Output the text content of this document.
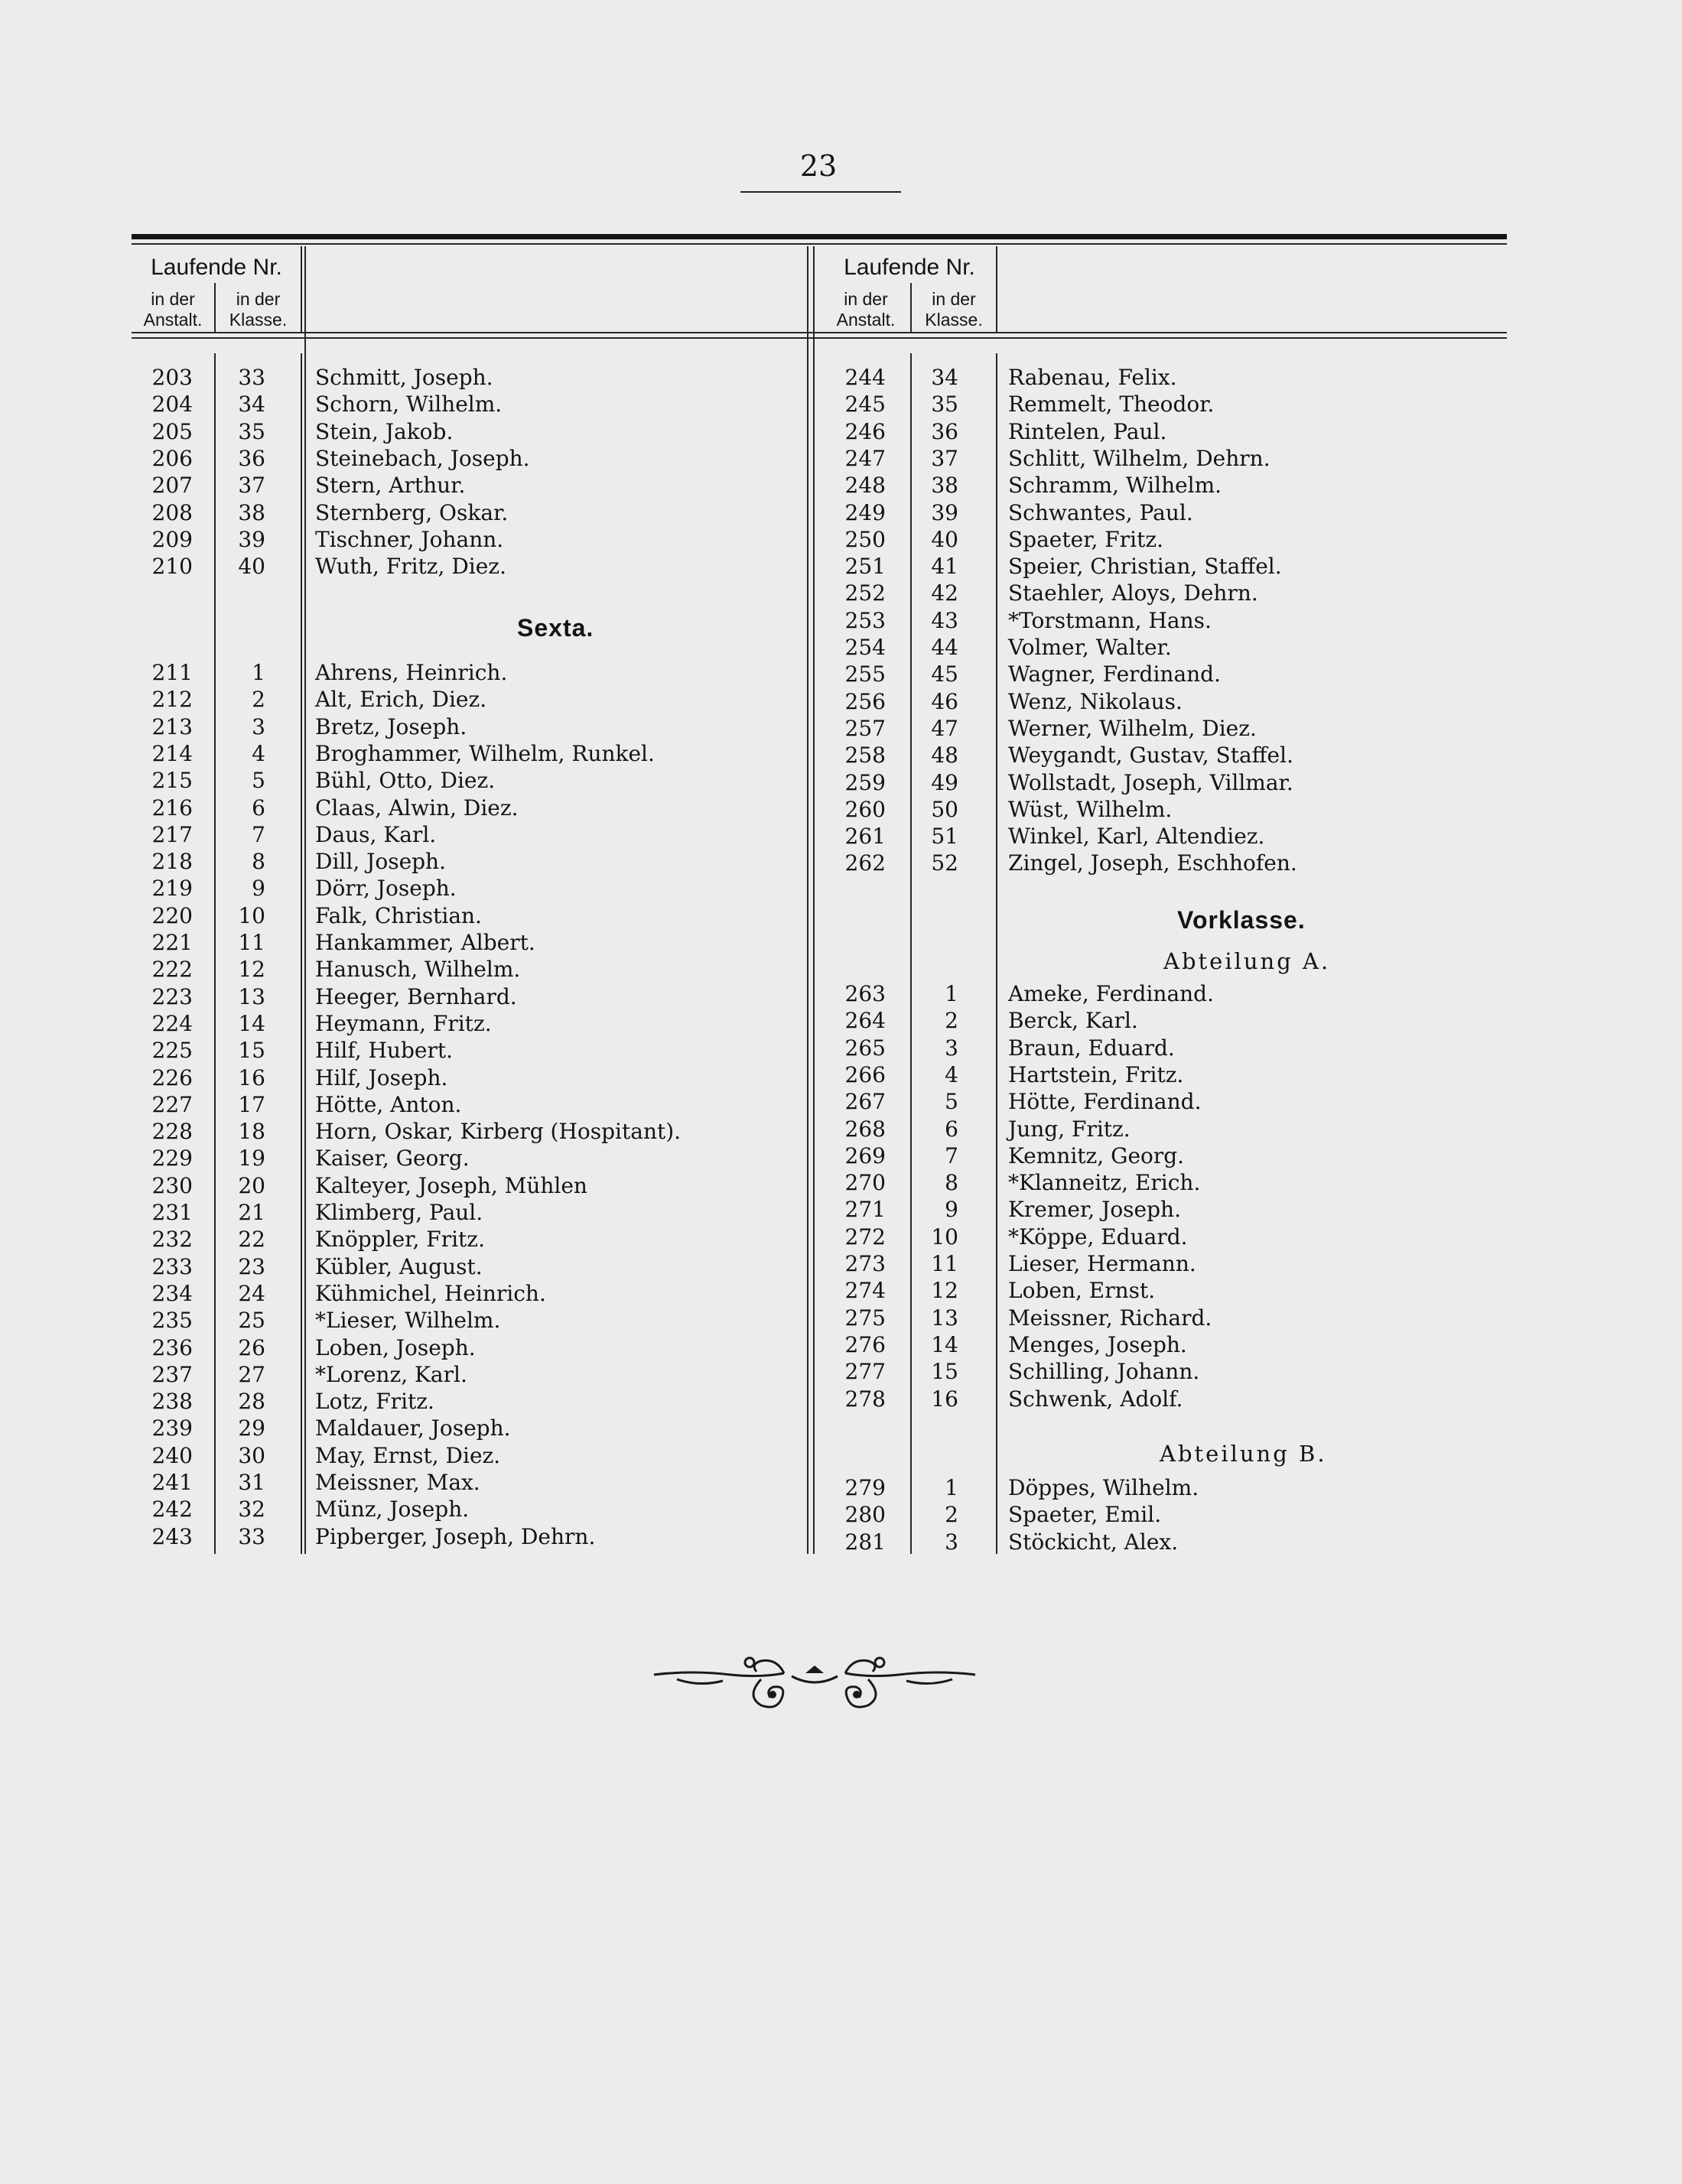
23
Laufende Nr.
in der
Anstalt.
in der
Klasse.
Laufende Nr.
in der
Anstalt.
in der
Klasse.
Sexta.
Vorklasse.
Abteilung A.
Abteilung B.
203	33 Schmitt, Joseph.
204	34 Schorn, Wilhelm.
205	35 Stein, Jakob.
206	36 Steinebach, Joseph.
207	37 Stern, Arthur.
208	38 Sternberg, Oskar.
209	39 Tischner, Johann.
210	40 Wuth, Fritz, Diez.
211	1 Ahrens, Heinrich.
212	2 Alt, Erich, Diez.
213	3 Bretz, Joseph.
214	4 Broghammer, Wilhelm, Runkel.
215	5 Bühl, Otto, Diez.
216	6 Claas, Alwin, Diez.
217	7 Daus, Karl.
218	8 Dill, Joseph.
219	9 Dörr, Joseph.
220	10 Falk, Christian.
221	11 Hankammer, Albert.
222	12 Hanusch, Wilhelm.
223	13 Heeger, Bernhard.
224	14 Heymann, Fritz.
225	15 Hilf, Hubert.
226	16 Hilf, Joseph.
227	17 Hötte, Anton.
228	18 Horn, Oskar, Kirberg (Hospitant).
229	19 Kaiser, Georg.
230	20 Kalteyer, Joseph, Mühlen
231	21 Klimberg, Paul.
232	22 Knöppler, Fritz.
233	23 Kübler, August.
234	24 Kühmichel, Heinrich.
235	25 *Lieser, Wilhelm.
236	26 Loben, Joseph.
237	27 *Lorenz, Karl.
238	28 Lotz, Fritz.
239	29 Maldauer, Joseph.
240	30 May, Ernst, Diez.
241	31 Meissner, Max.
242	32 Münz, Joseph.
243	33 Pipberger, Joseph, Dehrn.
244	34 Rabenau, Felix.
245	35 Remmelt, Theodor.
246	36 Rintelen, Paul.
247	37 Schlitt, Wilhelm, Dehrn.
248	38 Schramm, Wilhelm.
249	39 Schwantes, Paul.
250	40 Spaeter, Fritz.
251	41 Speier, Christian, Staffel.
252	42 Staehler, Aloys, Dehrn.
253	43 *Torstmann, Hans.
254	44 Volmer, Walter.
255	45 Wagner, Ferdinand.
256	46 Wenz, Nikolaus.
257	47 Werner, Wilhelm, Diez.
258	48 Weygandt, Gustav, Staffel.
259	49 Wollstadt, Joseph, Villmar.
260	50 Wüst, Wilhelm.
261	51 Winkel, Karl, Altendiez.
262	52 Zingel, Joseph, Eschhofen.
263	1 Ameke, Ferdinand.
264	2 Berck, Karl.
265	3 Braun, Eduard.
266	4 Hartstein, Fritz.
267	5 Hötte, Ferdinand.
268	6 Jung, Fritz.
269	7 Kemnitz, Georg.
270	8 *Klanneitz, Erich.
271	9 Kremer, Joseph.
272	10 *Köppe, Eduard.
273	11 Lieser, Hermann.
274	12 Loben, Ernst.
275	13 Meissner, Richard.
276	14 Menges, Joseph.
277	15 Schilling, Johann.
278	16 Schwenk, Adolf.
279	1 Döppes, Wilhelm.
280	2 Spaeter, Emil.
281	3 Stöckicht, Alex.
